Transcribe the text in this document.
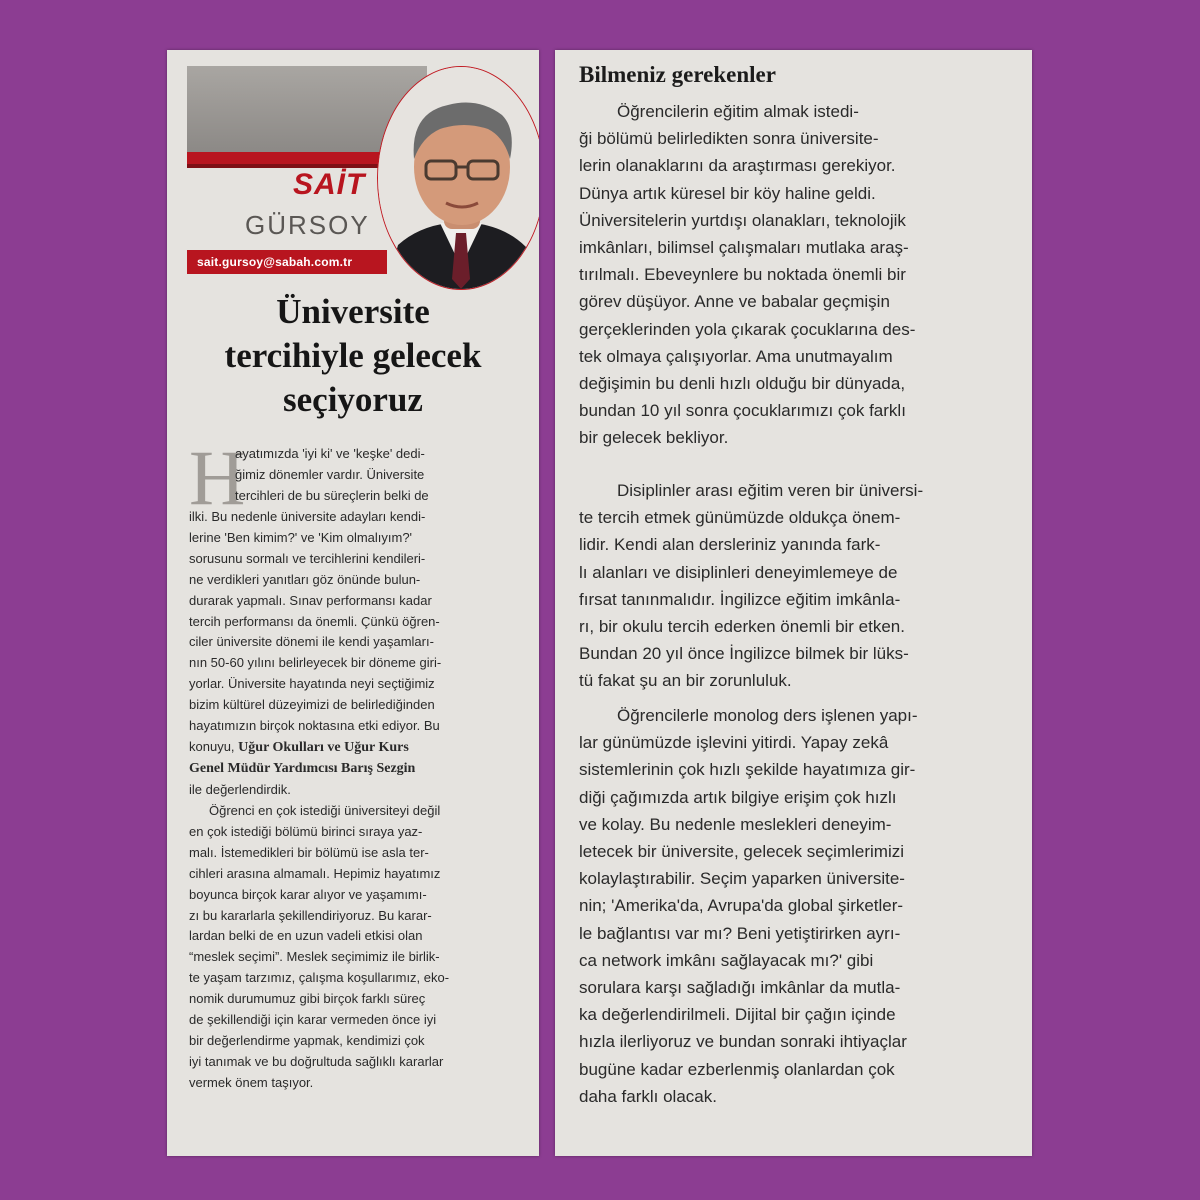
SAİT
GÜRSOY
sait.gursoy@sabah.com.tr
Üniversite
tercihiyle gelecek
seçiyoruz
H
ayatımızda 'iyi ki' ve 'keşke' dedi-
ğimiz dönemler vardır. Üniversite
tercihleri de bu süreçlerin belki de
ilki. Bu nedenle üniversite adayları kendi-
lerine 'Ben kimim?' ve 'Kim olmalıyım?'
sorusunu sormalı ve tercihlerini kendileri-
ne verdikleri yanıtları göz önünde bulun-
durarak yapmalı. Sınav performansı kadar
tercih performansı da önemli. Çünkü öğren-
ciler üniversite dönemi ile kendi yaşamları-
nın 50-60 yılını belirleyecek bir döneme giri-
yorlar. Üniversite hayatında neyi seçtiğimiz
bizim kültürel düzeyimizi de belirlediğinden
hayatımızın birçok noktasına etki ediyor. Bu
konuyu, Uğur Okulları ve Uğur Kurs
Genel Müdür Yardımcısı Barış Sezgin
ile değerlendirdik.
Öğrenci en çok istediği üniversiteyi değil
en çok istediği bölümü birinci sıraya yaz-
malı. İstemedikleri bir bölümü ise asla ter-
cihleri arasına almamalı. Hepimiz hayatımız
boyunca birçok karar alıyor ve yaşamımı-
zı bu kararlarla şekillendiriyoruz. Bu karar-
lardan belki de en uzun vadeli etkisi olan
“meslek seçimi”. Meslek seçimimiz ile birlik-
te yaşam tarzımız, çalışma koşullarımız, eko-
nomik durumumuz gibi birçok farklı süreç
de şekillendiği için karar vermeden önce iyi
bir değerlendirme yapmak, kendimizi çok
iyi tanımak ve bu doğrultuda sağlıklı kararlar
vermek önem taşıyor.
Bilmeniz gerekenler
Öğrencilerin eğitim almak istedi-
ği bölümü belirledikten sonra üniversite-
lerin olanaklarını da araştırması gerekiyor.
Dünya artık küresel bir köy haline geldi.
Üniversitelerin yurtdışı olanakları, teknolojik
imkânları, bilimsel çalışmaları mutlaka araş-
tırılmalı. Ebeveynlere bu noktada önemli bir
görev düşüyor. Anne ve babalar geçmişin
gerçeklerinden yola çıkarak çocuklarına des-
tek olmaya çalışıyorlar. Ama unutmayalım
değişimin bu denli hızlı olduğu bir dünyada,
bundan 10 yıl sonra çocuklarımızı çok farklı
bir gelecek bekliyor.
Disiplinler arası eğitim veren bir üniversi-
te tercih etmek günümüzde oldukça önem-
lidir. Kendi alan dersleriniz yanında fark-
lı alanları ve disiplinleri deneyimlemeye de
fırsat tanınmalıdır. İngilizce eğitim imkânla-
rı, bir okulu tercih ederken önemli bir etken.
Bundan 20 yıl önce İngilizce bilmek bir lüks-
tü fakat şu an bir zorunluluk.
Öğrencilerle monolog ders işlenen yapı-
lar günümüzde işlevini yitirdi. Yapay zekâ
sistemlerinin çok hızlı şekilde hayatımıza gir-
diği çağımızda artık bilgiye erişim çok hızlı
ve kolay. Bu nedenle meslekleri deneyim-
letecek bir üniversite, gelecek seçimlerimizi
kolaylaştırabilir. Seçim yaparken üniversite-
nin; 'Amerika'da, Avrupa'da global şirketler-
le bağlantısı var mı? Beni yetiştirirken ayrı-
ca network imkânı sağlayacak mı?' gibi
sorulara karşı sağladığı imkânlar da mutla-
ka değerlendirilmeli. Dijital bir çağın içinde
hızla ilerliyoruz ve bundan sonraki ihtiyaçlar
bugüne kadar ezberlenmiş olanlardan çok
daha farklı olacak.
